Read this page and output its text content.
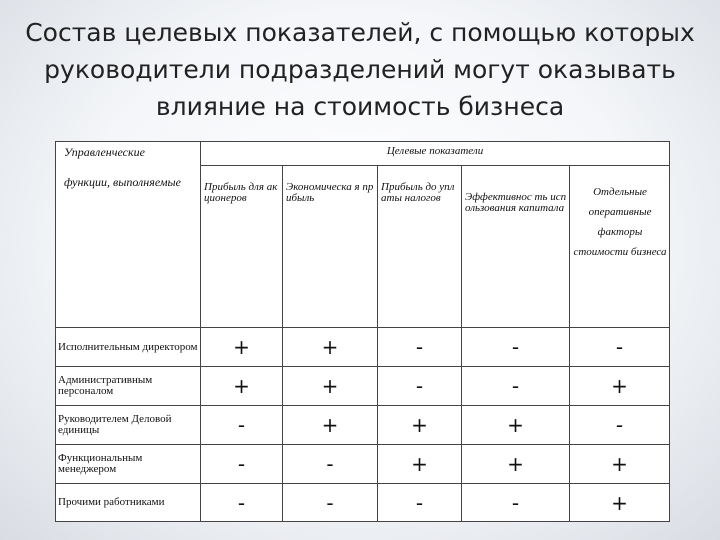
Состав целевых показателей, с помощью которых руководители подразделений могут оказывать влияние на стоимость бизнеса
Управленческие
функции, выполняемые	Целевые показатели				
	Прибыль для акционеров	Экономическа я прибыль	Прибыль до уплаты налогов	Эффективнос ть использования капитала	Отдельные оперативные факторы стоимости бизнеса
Исполнительным директором	+	+	-	-	-
Административным персоналом	+	+	-	-	+
Руководителем Деловой единицы	-	+	+	+	-
Функциональным менеджером	-	-	+	+	+
Прочими работниками	-	-	-	-	+
